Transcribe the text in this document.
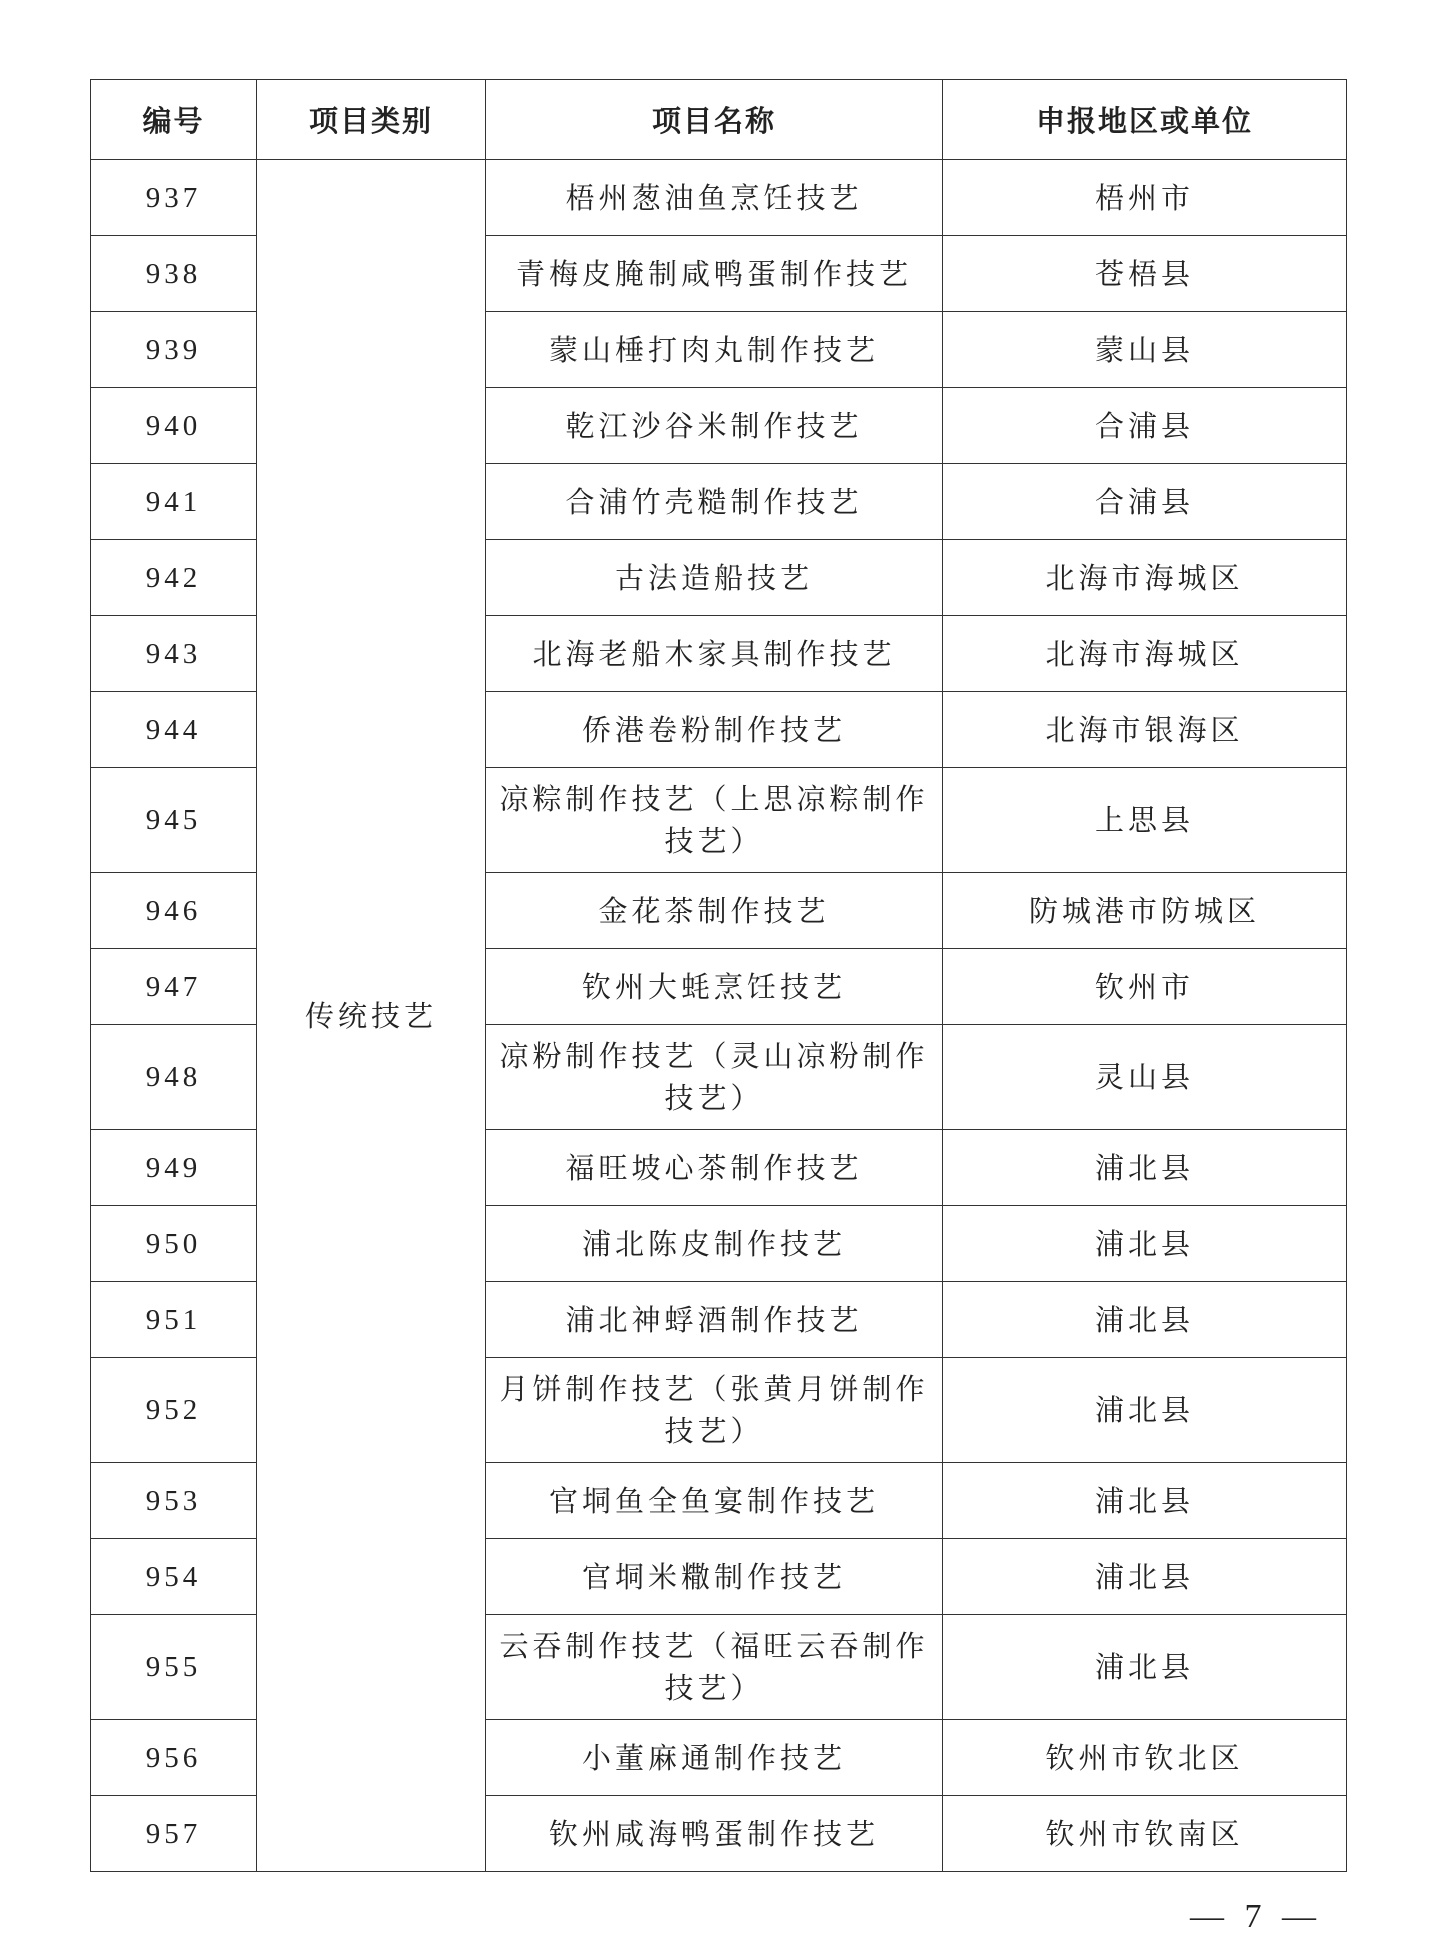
编号	项目类别	项目名称	申报地区或单位
937	传统技艺	梧州葱油鱼烹饪技艺	梧州市
938		青梅皮腌制咸鸭蛋制作技艺	苍梧县
939		蒙山棰打肉丸制作技艺	蒙山县
940		乾江沙谷米制作技艺	合浦县
941		合浦竹壳糙制作技艺	合浦县
942		古法造船技艺	北海市海城区
943		北海老船木家具制作技艺	北海市海城区
944		侨港卷粉制作技艺	北海市银海区
945		凉粽制作技艺（上思凉粽制作技艺）	上思县
946		金花茶制作技艺	防城港市防城区
947		钦州大蚝烹饪技艺	钦州市
948		凉粉制作技艺（灵山凉粉制作技艺）	灵山县
949		福旺坡心茶制作技艺	浦北县
950		浦北陈皮制作技艺	浦北县
951		浦北神蜉酒制作技艺	浦北县
952		月饼制作技艺（张黄月饼制作技艺）	浦北县
953		官垌鱼全鱼宴制作技艺	浦北县
954		官垌米糤制作技艺	浦北县
955		云吞制作技艺（福旺云吞制作技艺）	浦北县
956		小董麻通制作技艺	钦州市钦北区
957		钦州咸海鸭蛋制作技艺	钦州市钦南区
— 7 —
